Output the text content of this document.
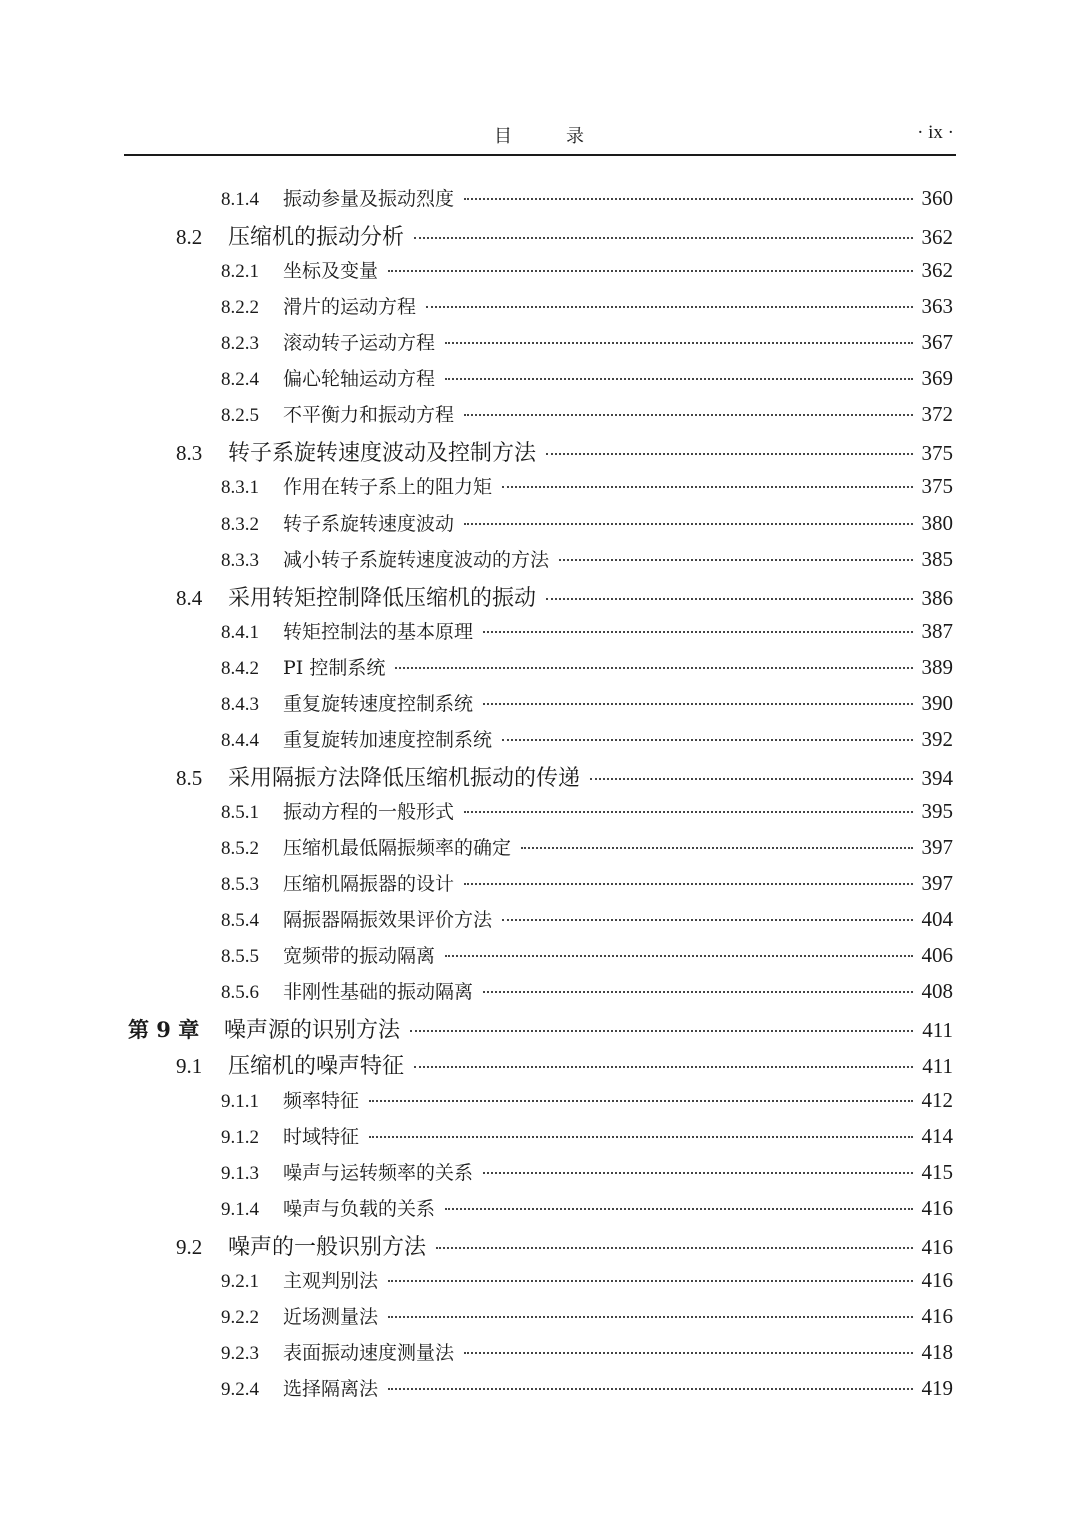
目	录	· ix ·
8.1.4	振动参量及振动烈度	360
8.2	压缩机的振动分析	362
8.2.1	坐标及变量	362
8.2.2	滑片的运动方程	363
8.2.3	滚动转子运动方程	367
8.2.4	偏心轮轴运动方程	369
8.2.5	不平衡力和振动方程	372
8.3	转子系旋转速度波动及控制方法	375
8.3.1	作用在转子系上的阻力矩	375
8.3.2	转子系旋转速度波动	380
8.3.3	减小转子系旋转速度波动的方法	385
8.4	采用转矩控制降低压缩机的振动	386
8.4.1	转矩控制法的基本原理	387
8.4.2	PI 控制系统	389
8.4.3	重复旋转速度控制系统	390
8.4.4	重复旋转加速度控制系统	392
8.5	采用隔振方法降低压缩机振动的传递	394
8.5.1	振动方程的一般形式	395
8.5.2	压缩机最低隔振频率的确定	397
8.5.3	压缩机隔振器的设计	397
8.5.4	隔振器隔振效果评价方法	404
8.5.5	宽频带的振动隔离	406
8.5.6	非刚性基础的振动隔离	408
第 9 章	噪声源的识别方法	411
9.1	压缩机的噪声特征	411
9.1.1	频率特征	412
9.1.2	时域特征	414
9.1.3	噪声与运转频率的关系	415
9.1.4	噪声与负载的关系	416
9.2	噪声的一般识别方法	416
9.2.1	主观判别法	416
9.2.2	近场测量法	416
9.2.3	表面振动速度测量法	418
9.2.4	选择隔离法	419
